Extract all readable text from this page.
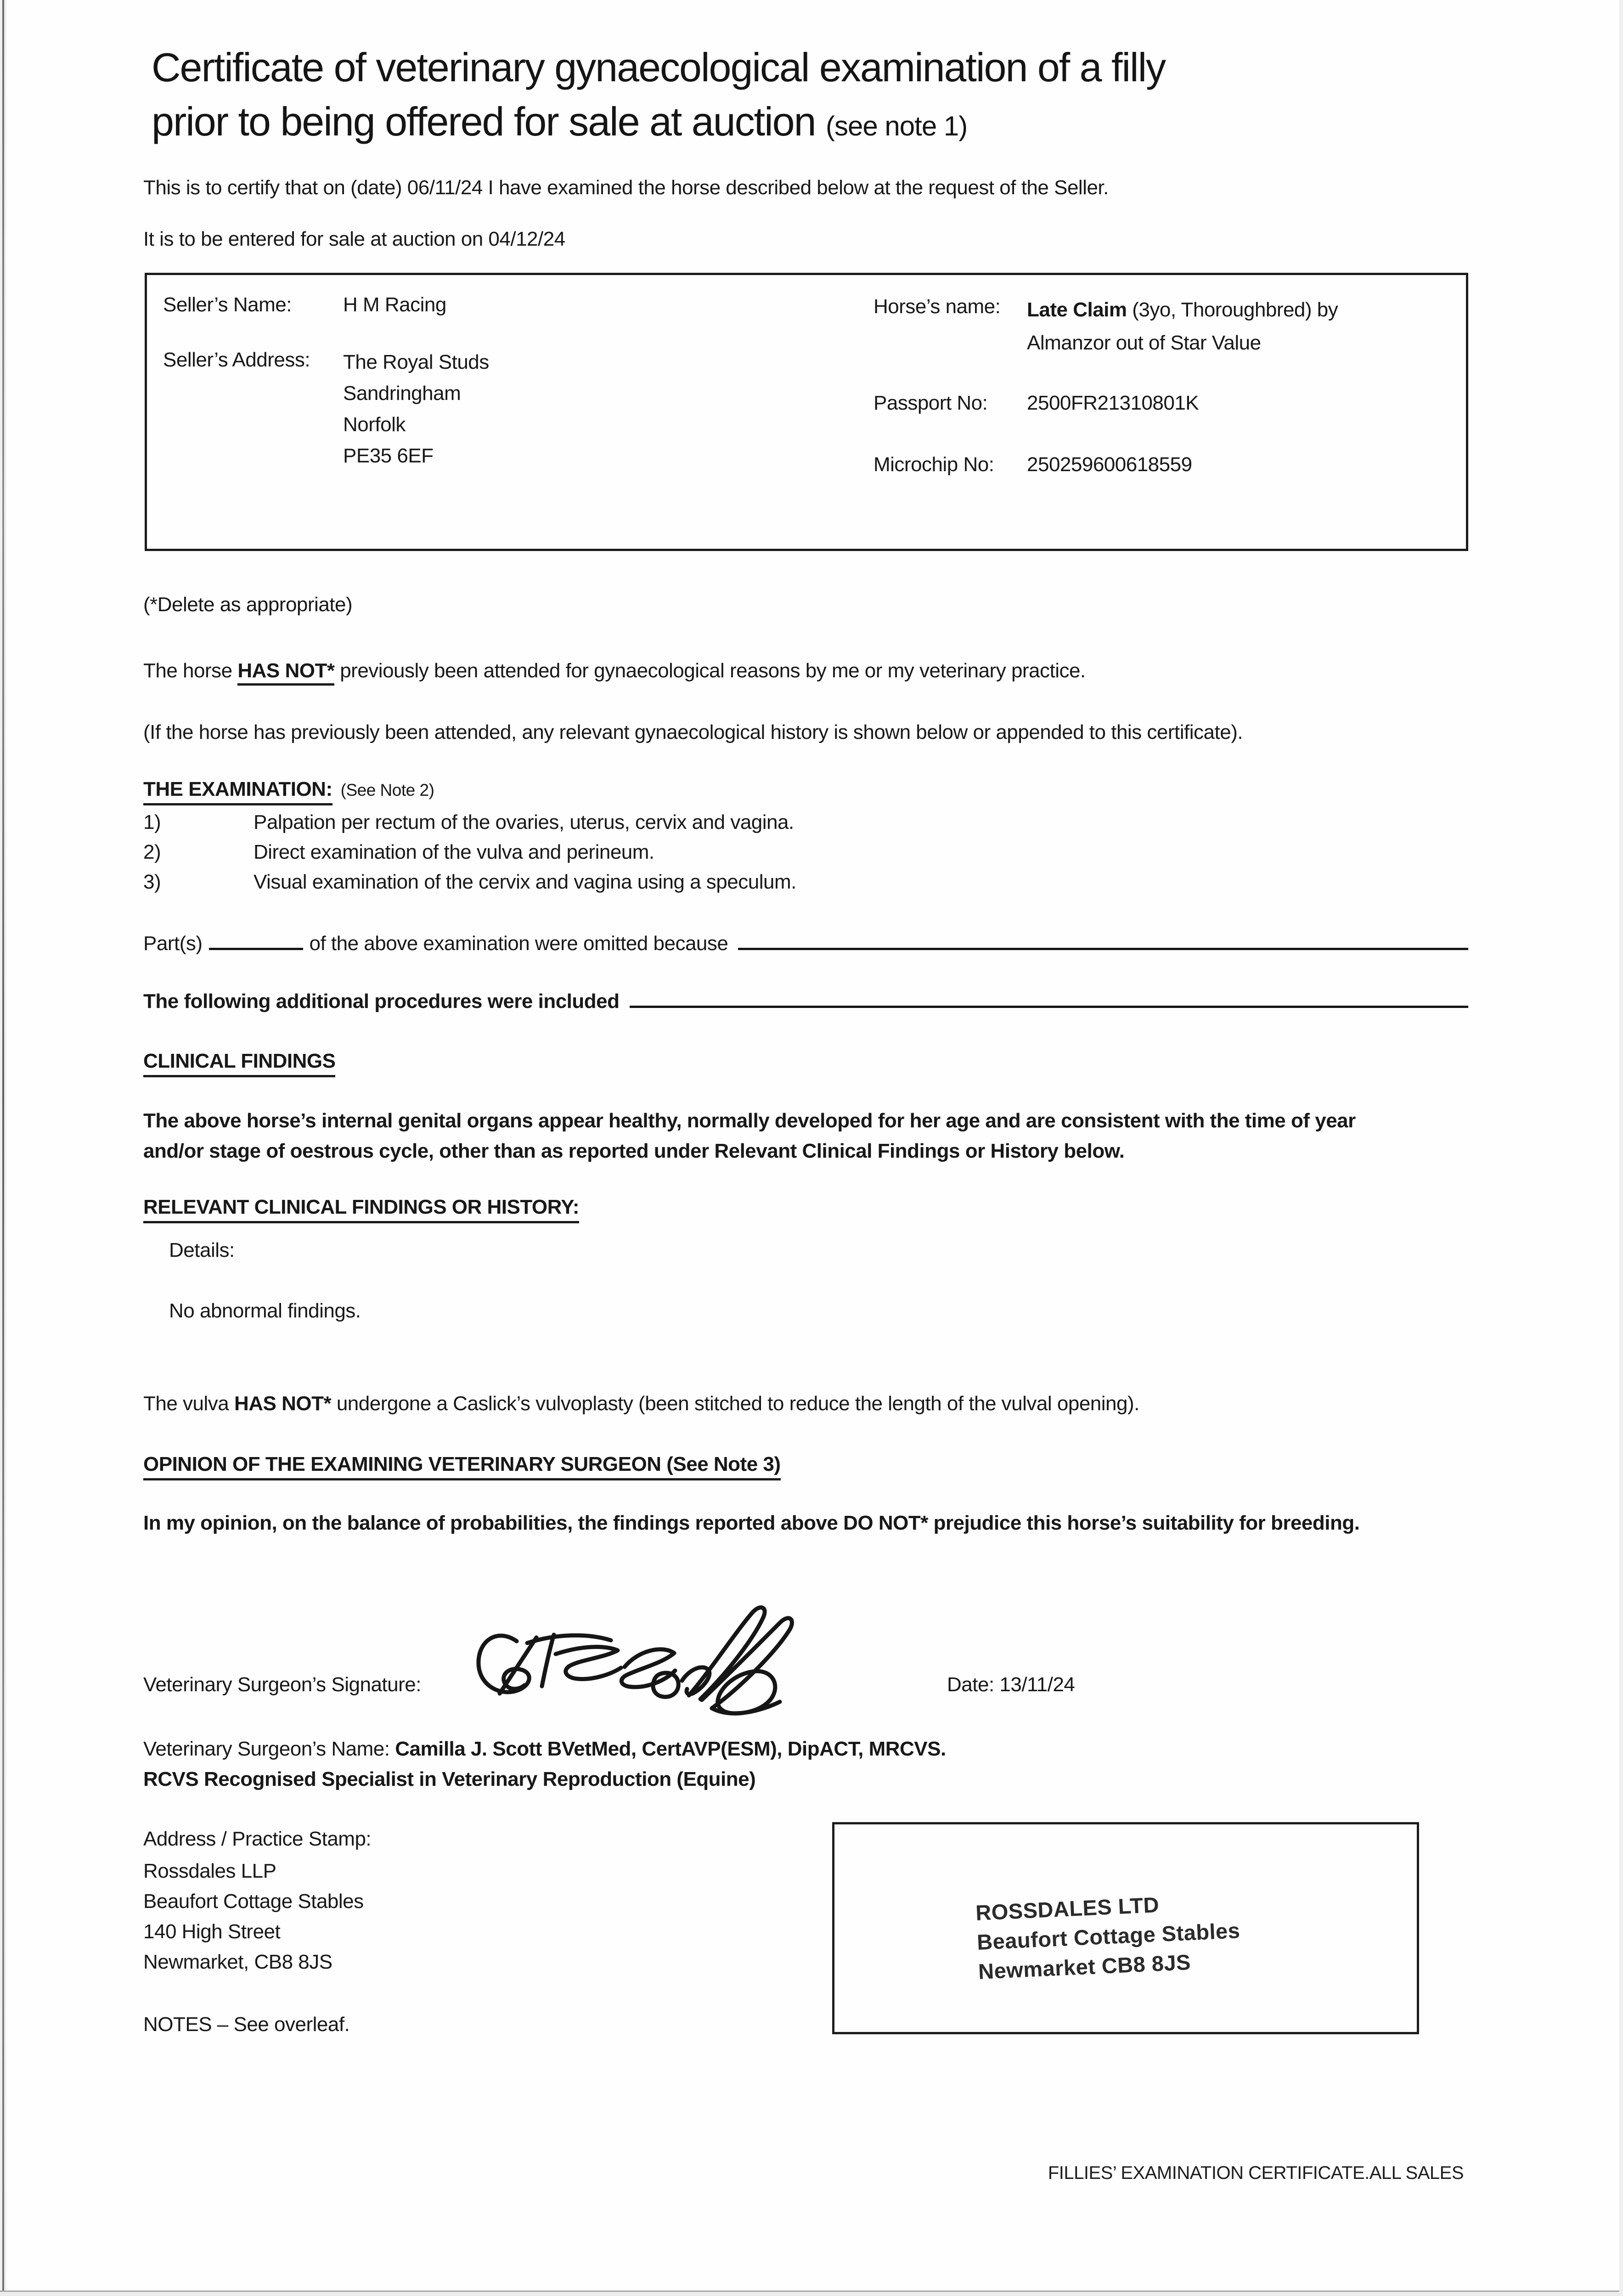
Certificate of veterinary gynaecological examination of a filly
prior to being offered for sale at auction (see note 1)
This is to certify that on (date) 06/11/24 I have examined the horse described below at the request of the Seller.
It is to be entered for sale at auction on 04/12/24
Seller’s Name:	H M Racing
Seller’s Address: The Royal Studs
Sandringham
Norfolk
PE35 6EF
Horse’s name: Late Claim (3yo, Thoroughbred) by
Almanzor out of Star Value
Passport No: 2500FR21310801K
Microchip No: 250259600618559
(*Delete as appropriate)
The horse HAS NOT* previously been attended for gynaecological reasons by me or my veterinary practice.
(If the horse has previously been attended, any relevant gynaecological history is shown below or appended to this certificate).
THE EXAMINATION: (See Note 2)
1)	Palpation per rectum of the ovaries, uterus, cervix and vagina.
2)	Direct examination of the vulva and perineum.
3)	Visual examination of the cervix and vagina using a speculum.
Part(s)	of the above examination were omitted because
The following additional procedures were included
CLINICAL FINDINGS
The above horse’s internal genital organs appear healthy, normally developed for her age and are consistent with the time of year
and/or stage of oestrous cycle, other than as reported under Relevant Clinical Findings or History below.
RELEVANT CLINICAL FINDINGS OR HISTORY:
Details:
No abnormal findings.
The vulva HAS NOT* undergone a Caslick’s vulvoplasty (been stitched to reduce the length of the vulval opening).
OPINION OF THE EXAMINING VETERINARY SURGEON (See Note 3)
In my opinion, on the balance of probabilities, the findings reported above DO NOT* prejudice this horse’s suitability for breeding.
Veterinary Surgeon’s Signature:	Date: 13/11/24
Veterinary Surgeon’s Name: Camilla J. Scott BVetMed, CertAVP(ESM), DipACT, MRCVS.
RCVS Recognised Specialist in Veterinary Reproduction (Equine)
Address / Practice Stamp:
Rossdales LLP
Beaufort Cottage Stables
140 High Street
Newmarket, CB8 8JS
NOTES – See overleaf.
ROSSDALES LTD
Beaufort Cottage Stables
Newmarket CB8 8JS
FILLIES’ EXAMINATION CERTIFICATE.ALL SALES
